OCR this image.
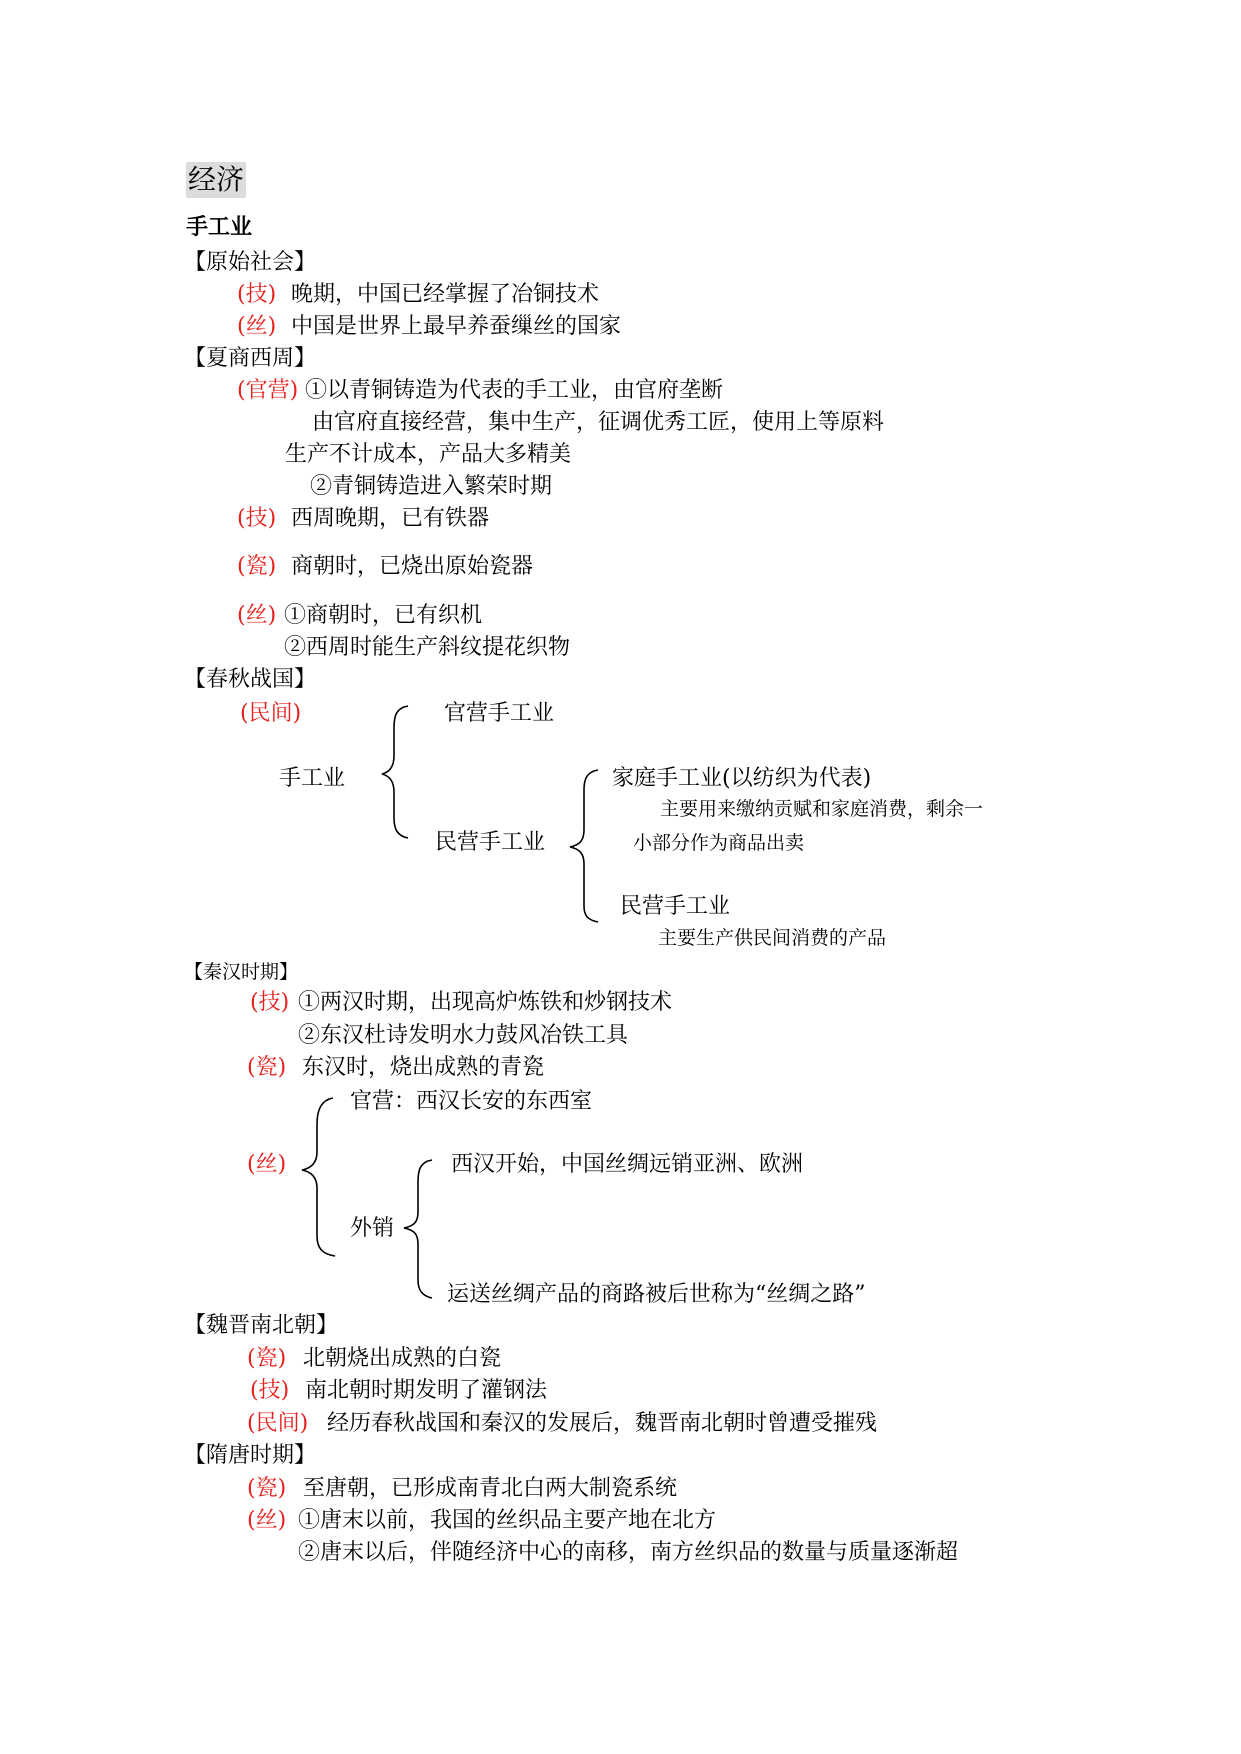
经济
手工业
【原始社会】
(技) 晚期，中国已经掌握了冶铜技术
(丝) 中国是世界上最早养蚕缫丝的国家
【夏商西周】
(官营) ①以青铜铸造为代表的手工业，由官府垄断
由官府直接经营，集中生产，征调优秀工匠，使用上等原料
生产不计成本，产品大多精美
②青铜铸造进入繁荣时期
(技) 西周晚期，已有铁器
(瓷) 商朝时，已烧出原始瓷器
(丝) ①商朝时，已有织机
②西周时能生产斜纹提花织物
【春秋战国】
(民间)
手工业
官营手工业
民营手工业
家庭手工业(以纺织为代表)
主要用来缴纳贡赋和家庭消费，剩余一
小部分作为商品出卖
民营手工业
主要生产供民间消费的产品
【秦汉时期】
(技) ①两汉时期，出现高炉炼铁和炒钢技术
②东汉杜诗发明水力鼓风冶铁工具
(瓷) 东汉时，烧出成熟的青瓷
官营：西汉长安的东西室
(丝)	西汉开始，中国丝绸远销亚洲、欧洲
外销
运送丝绸产品的商路被后世称为“丝绸之路”
【魏晋南北朝】
(瓷) 北朝烧出成熟的白瓷
(技) 南北朝时期发明了灌钢法
(民间) 经历春秋战国和秦汉的发展后，魏晋南北朝时曾遭受摧残
【隋唐时期】
(瓷) 至唐朝，已形成南青北白两大制瓷系统
(丝) ①唐末以前，我国的丝织品主要产地在北方
②唐末以后，伴随经济中心的南移，南方丝织品的数量与质量逐渐超
